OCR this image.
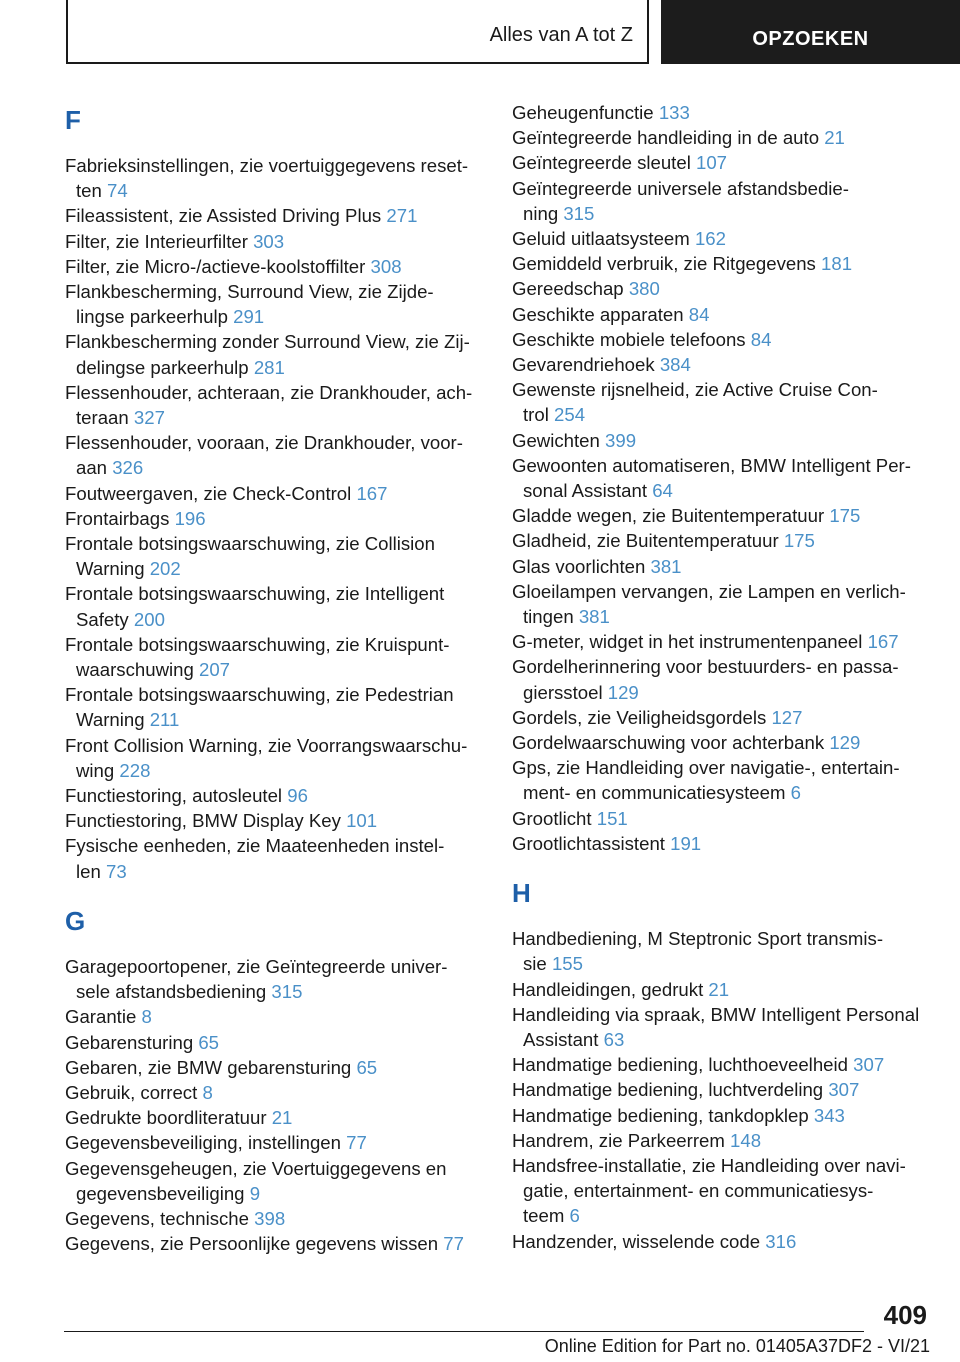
Alles van A tot Z	OPZOEKEN
F
Fabrieksinstellingen, zie voertuiggegevens reset‐
ten 74
Fileassistent, zie Assisted Driving Plus 271
Filter, zie Interieurfilter 303
Filter, zie Micro-/actieve-koolstoffilter 308
Flankbescherming, Surround View, zie Zijde‐
lingse parkeerhulp 291
Flankbescherming zonder Surround View, zie Zij‐
delingse parkeerhulp 281
Flessenhouder, achteraan, zie Drankhouder, ach‐
teraan 327
Flessenhouder, vooraan, zie Drankhouder, voor‐
aan 326
Foutweergaven, zie Check-Control 167
Frontairbags 196
Frontale botsingswaarschuwing, zie Collision
Warning 202
Frontale botsingswaarschuwing, zie Intelligent
Safety 200
Frontale botsingswaarschuwing, zie Kruispunt‐
waarschuwing 207
Frontale botsingswaarschuwing, zie Pedestrian
Warning 211
Front Collision Warning, zie Voorrangswaarschu‐
wing 228
Functiestoring, autosleutel 96
Functiestoring, BMW Display Key 101
Fysische eenheden, zie Maateenheden instel‐
len 73
G
Garagepoortopener, zie Geïntegreerde univer‐
sele afstandsbediening 315
Garantie 8
Gebarensturing 65
Gebaren, zie BMW gebarensturing 65
Gebruik, correct 8
Gedrukte boordliteratuur 21
Gegevensbeveiliging, instellingen 77
Gegevensgeheugen, zie Voertuiggegevens en
gegevensbeveiliging 9
Gegevens, technische 398
Gegevens, zie Persoonlijke gegevens wissen 77
Geheugenfunctie 133
Geïntegreerde handleiding in de auto 21
Geïntegreerde sleutel 107
Geïntegreerde universele afstandsbedie‐
ning 315
Geluid uitlaatsysteem 162
Gemiddeld verbruik, zie Ritgegevens 181
Gereedschap 380
Geschikte apparaten 84
Geschikte mobiele telefoons 84
Gevarendriehoek 384
Gewenste rijsnelheid, zie Active Cruise Con‐
trol 254
Gewichten 399
Gewoonten automatiseren, BMW Intelligent Per‐
sonal Assistant 64
Gladde wegen, zie Buitentemperatuur 175
Gladheid, zie Buitentemperatuur 175
Glas voorlichten 381
Gloeilampen vervangen, zie Lampen en verlich‐
tingen 381
G-meter, widget in het instrumentenpaneel 167
Gordelherinnering voor bestuurders- en passa‐
giersstoel 129
Gordels, zie Veiligheidsgordels 127
Gordelwaarschuwing voor achterbank 129
Gps, zie Handleiding over navigatie-, entertain‐
ment- en communicatiesysteem 6
Grootlicht 151
Grootlichtassistent 191
H
Handbediening, M Steptronic Sport transmis‐
sie 155
Handleidingen, gedrukt 21
Handleiding via spraak, BMW Intelligent Personal
Assistant 63
Handmatige bediening, luchthoeveelheid 307
Handmatige bediening, luchtverdeling 307
Handmatige bediening, tankdopklep 343
Handrem, zie Parkeerrem 148
Handsfree-installatie, zie Handleiding over navi‐
gatie, entertainment- en communicatiesys‐
teem 6
Handzender, wisselende code 316
409
Online Edition for Part no. 01405A37DF2 - VI/21
